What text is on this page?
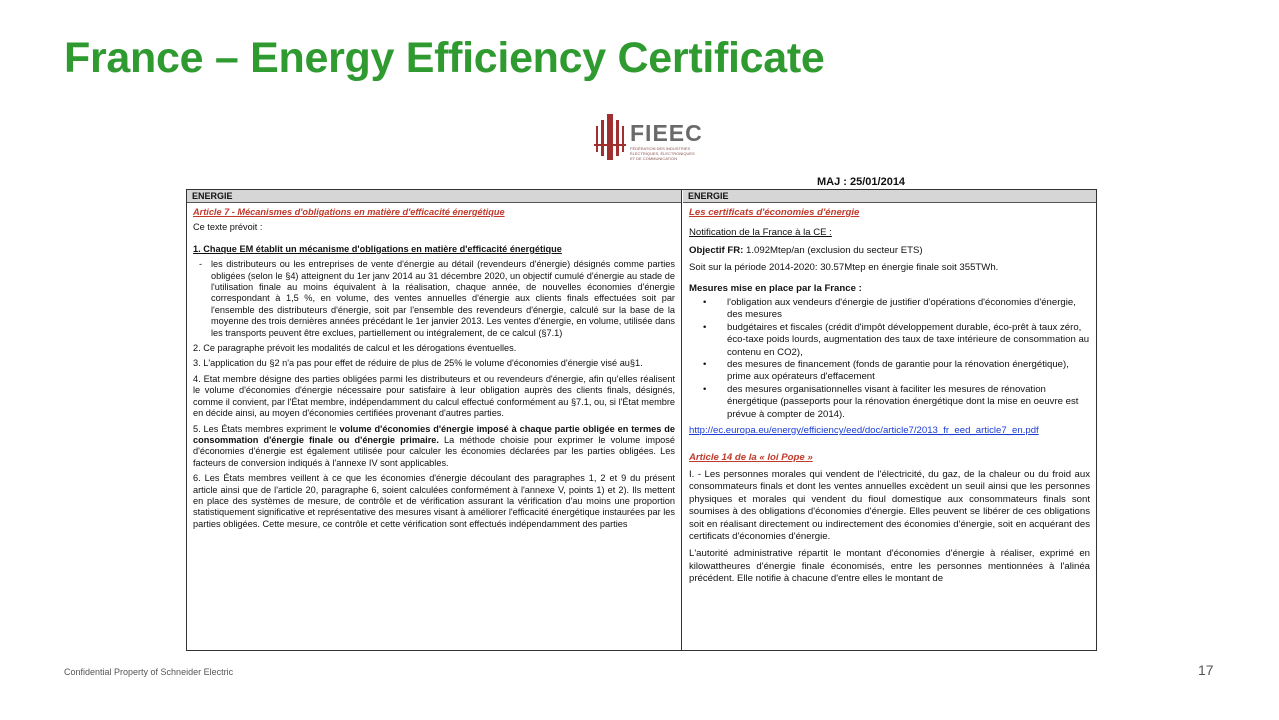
France – Energy Efficiency Certificate
FIEEC
FÉDÉRATION DES INDUSTRIES ÉLECTRIQUES, ÉLECTRONIQUES ET DE COMMUNICATION
MAJ : 25/01/2014
ENERGIE

Article 7 - Mécanismes d'obligations en matière d'efficacité énergétique

Ce texte prévoit :

1. Chaque EM établit un mécanisme d'obligations en matière d'efficacité énergétique

- les distributeurs ou les entreprises de vente d'énergie au détail (revendeurs d'énergie) désignés comme parties obligées (selon le §4) atteignent du 1er janv 2014 au 31 décembre 2020, un objectif cumulé d'énergie au stade de l'utilisation finale au moins équivalent à la réalisation, chaque année, de nouvelles économies d'énergie correspondant à 1,5 %, en volume, des ventes annuelles d'énergie aux clients finals effectuées soit par l'ensemble des distributeurs d'énergie, soit par l'ensemble des revendeurs d'énergie, calculé sur la base de la moyenne des trois dernières années précédant le 1er janvier 2013. Les ventes d'énergie, en volume, utilisée dans les transports peuvent être exclues, partiellement ou intégralement, de ce calcul (§7.1)

2. Ce paragraphe prévoit les modalités de calcul et les dérogations éventuelles.

3. L'application du §2 n'a pas pour effet de réduire de plus de 25% le volume d'économies d'énergie visé au§1.

4. Etat membre désigne des parties obligées parmi les distributeurs et ou revendeurs d'énergie, afin qu'elles réalisent le volume d'économies d'énergie nécessaire pour satisfaire à leur obligation auprès des clients finals, désignés, comme il convient, par l'État membre, indépendamment du calcul effectué conformément au §7.1, ou, si l'État membre en décide ainsi, au moyen d'économies certifiées provenant d'autres parties.

5. Les États membres expriment le volume d'économies d'énergie imposé à chaque partie obligée en termes de consommation d'énergie finale ou d'énergie primaire. La méthode choisie pour exprimer le volume imposé d'économies d'énergie est également utilisée pour calculer les économies déclarées par les parties obligées. Les facteurs de conversion indiqués à l'annexe IV sont applicables.

6. Les États membres veillent à ce que les économies d'énergie découlant des paragraphes 1, 2 et 9 du présent article ainsi que de l'article 20, paragraphe 6, soient calculées conformément à l'annexe V, points 1) et 2). Ils mettent en place des systèmes de mesure, de contrôle et de vérification assurant la vérification d'au moins une proportion statistiquement significative et représentative des mesures visant à améliorer l'efficacité énergétique instaurées par les parties obligées. Cette mesure, ce contrôle et cette vérification sont effectués indépendamment des parties

ENERGIE

Les certificats d'économies d'énergie

Notification de la France à la CE :

Objectif FR: 1.092Mtep/an (exclusion du secteur ETS)

Soit sur la période 2014-2020: 30.57Mtep en énergie finale soit 355TWh.

Mesures mise en place par la France :

• l'obligation aux vendeurs d'énergie de justifier d'opérations d'économies d'énergie, des mesures
• budgétaires et fiscales (crédit d'impôt développement durable, éco-prêt à taux zéro, éco-taxe poids lourds, augmentation des taux de taxe intérieure de consommation au contenu en CO2),
• des mesures de financement (fonds de garantie pour la rénovation énergétique), prime aux opérateurs d'effacement
• des mesures organisationnelles visant à faciliter les mesures de rénovation énergétique (passeports pour la rénovation énergétique dont la mise en oeuvre est prévue à compter de 2014).

http://ec.europa.eu/energy/efficiency/eed/doc/article7/2013_fr_eed_article7_en.pdf

Article 14 de la « loi Pope »

I. - Les personnes morales qui vendent de l'électricité, du gaz, de la chaleur ou du froid aux consommateurs finals et dont les ventes annuelles excèdent un seuil ainsi que les personnes physiques et morales qui vendent du fioul domestique aux consommateurs finals sont soumises à des obligations d'économies d'énergie. Elles peuvent se libérer de ces obligations soit en réalisant directement ou indirectement des économies d'énergie, soit en acquérant des certificats d'économies d'énergie.

L'autorité administrative répartit le montant d'économies d'énergie à réaliser, exprimé en kilowattheures d'énergie finale économisés, entre les personnes mentionnées à l'alinéa précédent. Elle notifie à chacune d'entre elles le montant de

Confidential Property of Schneider Electric	17
